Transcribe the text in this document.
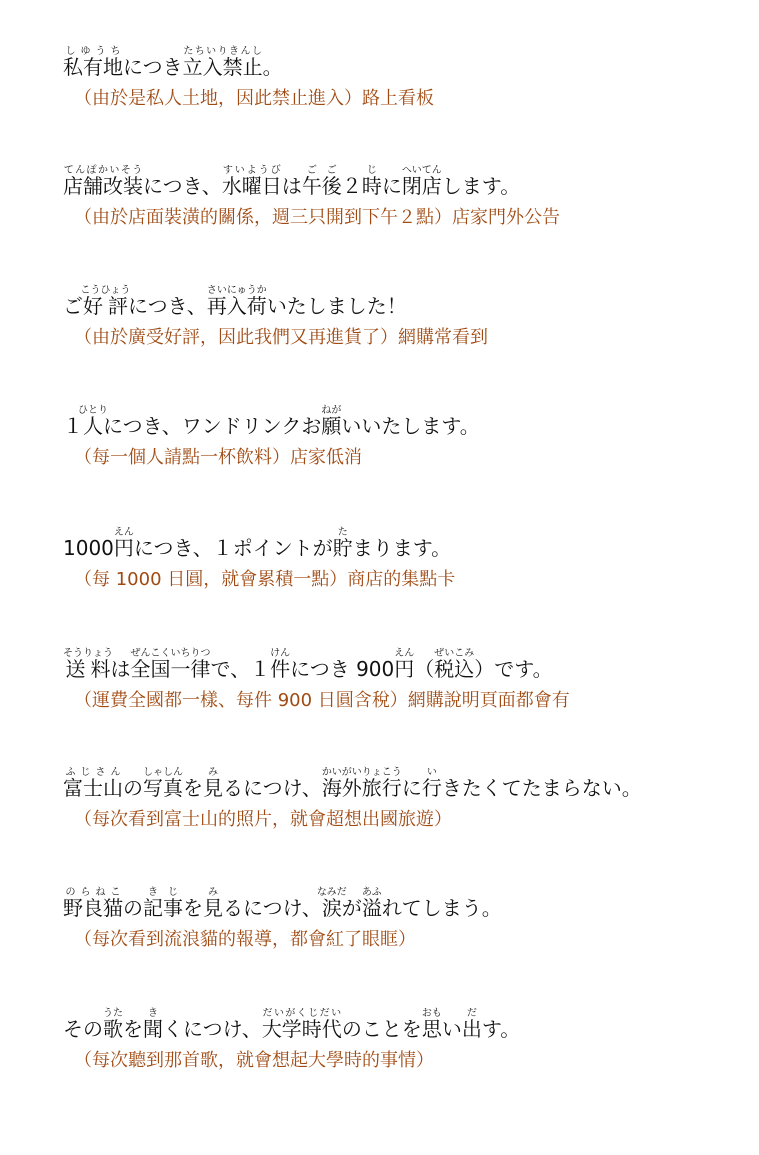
私有地しゆうちにつき立入禁止たちいりきんし。

（由於是私人土地，因此禁止進入）路上看板

店舗改装てんぽかいそうにつき、水曜日すいようびは午後ごご２時じに閉店へいてんします。

（由於店面裝潢的關係，週三只開到下午２點）店家門外公告

ご好評こうひょうにつき、再入荷さいにゅうかいたしました！

（由於廣受好評，因此我們又再進貨了）網購常看到

１人ひとりにつき、ワンドリンクお願ねがいいたします。

（每一個人請點一杯飲料）店家低消

1000円えんにつき、１ポイントが貯たまります。

（每 1000 日圓，就會累積一點）商店的集點卡

送料そうりょうは全国一律ぜんこくいちりつで、１件けんにつき 900円えん（税込ぜいこみ）です。

（運費全國都一樣、每件 900 日圓含稅）網購說明頁面都會有

富士山ふじさんの写真しゃしんを見みるにつけ、海外旅行かいがいりょこうに行いきたくてたまらない。

（每次看到富士山的照片，就會超想出國旅遊）

野良猫のらねこの記事きじを見みるにつけ、涙なみだが溢あふれてしまう。

（每次看到流浪貓的報導，都會紅了眼眶）

その歌うたを聞きくにつけ、大学時代だいがくじだいのことを思おもい出だす。

（每次聽到那首歌，就會想起大學時的事情）
